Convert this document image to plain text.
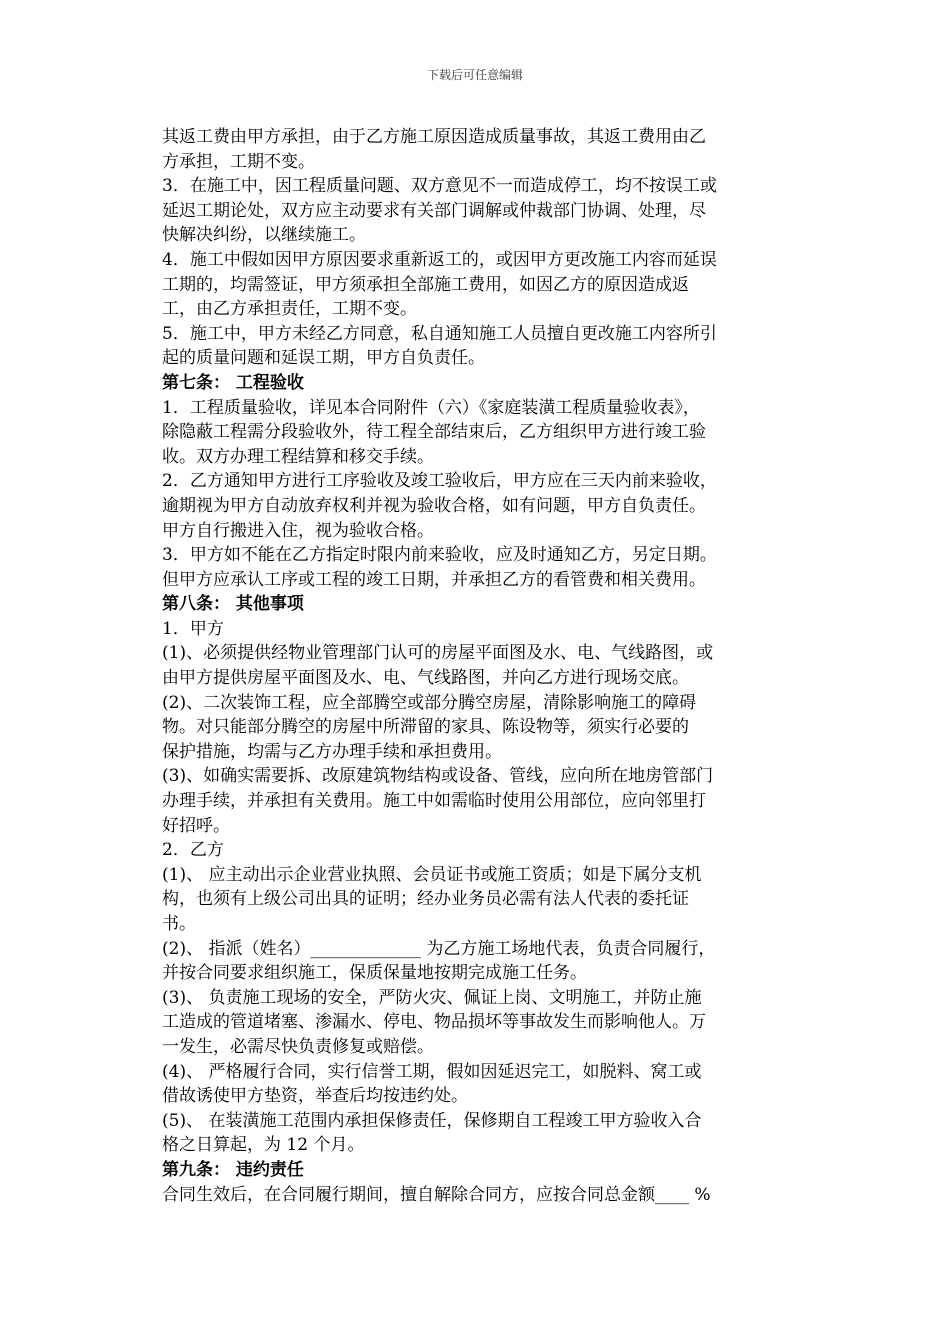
下载后可任意编辑
其返工费由甲方承担，由于乙方施工原因造成质量事故，其返工费用由乙
方承担，工期不变。
3．在施工中，因工程质量问题、双方意见不一而造成停工，均不按误工或
延迟工期论处，双方应主动要求有关部门调解或仲裁部门协调、处理，尽
快解决纠纷，以继续施工。
4．施工中假如因甲方原因要求重新返工的，或因甲方更改施工内容而延误
工期的，均需签证，甲方须承担全部施工费用，如因乙方的原因造成返
工，由乙方承担责任，工期不变。
5．施工中，甲方未经乙方同意，私自通知施工人员擅自更改施工内容所引
起的质量问题和延误工期，甲方自负责任。
第七条： 工程验收
1．工程质量验收，详见本合同附件（六）《家庭装潢工程质量验收表》，
除隐蔽工程需分段验收外，待工程全部结束后，乙方组织甲方进行竣工验
收。双方办理工程结算和移交手续。
2．乙方通知甲方进行工序验收及竣工验收后，甲方应在三天内前来验收，
逾期视为甲方自动放弃权利并视为验收合格，如有问题，甲方自负责任。
甲方自行搬进入住，视为验收合格。
3．甲方如不能在乙方指定时限内前来验收，应及时通知乙方，另定日期。
但甲方应承认工序或工程的竣工日期，并承担乙方的看管费和相关费用。
第八条： 其他事项
1．甲方
(1)、必须提供经物业管理部门认可的房屋平面图及水、电、气线路图，或
由甲方提供房屋平面图及水、电、气线路图，并向乙方进行现场交底。
(2)、二次装饰工程，应全部腾空或部分腾空房屋，清除影响施工的障碍
物。对只能部分腾空的房屋中所滞留的家具、陈设物等，须实行必要的
保护措施，均需与乙方办理手续和承担费用。
(3)、如确实需要拆、改原建筑物结构或设备、管线，应向所在地房管部门
办理手续，并承担有关费用。施工中如需临时使用公用部位，应向邻里打
好招呼。
2．乙方
(1)、 应主动出示企业营业执照、会员证书或施工资质；如是下属分支机
构，也须有上级公司出具的证明；经办业务员必需有法人代表的委托证
书。
(2)、 指派（姓名）_____________ 为乙方施工场地代表，负责合同履行，
并按合同要求组织施工，保质保量地按期完成施工任务。
(3)、 负责施工现场的安全，严防火灾、佩证上岗、文明施工，并防止施
工造成的管道堵塞、渗漏水、停电、物品损坏等事故发生而影响他人。万
一发生，必需尽快负责修复或赔偿。
(4)、 严格履行合同，实行信誉工期，假如因延迟完工，如脱料、窝工或
借故诱使甲方垫资，举查后均按违约处。
(5)、 在装潢施工范围内承担保修责任，保修期自工程竣工甲方验收入合
格之日算起，为 12 个月。
第九条： 违约责任
合同生效后，在合同履行期间，擅自解除合同方，应按合同总金额____ %
